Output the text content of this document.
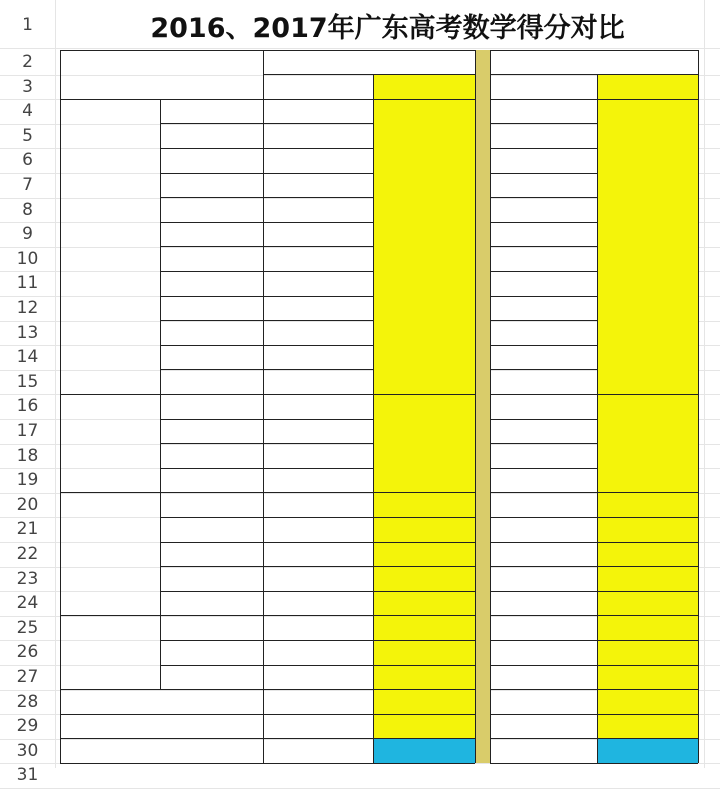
2016、2017年广东高考数学得分对比
1
2
3
4
5
6
7
8
9
10
11
12
13
14
15
16
17
18
19
20
21
22
23
24
25
26
27
28
29
30
31
